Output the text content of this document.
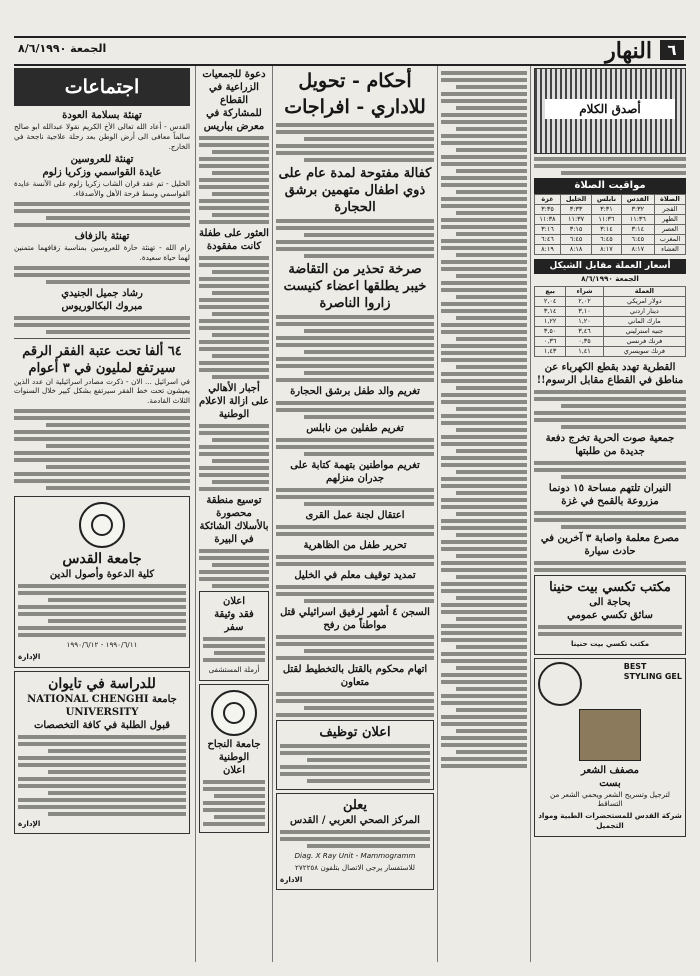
٦
النهار
الجمعة ٨/٦/١٩٩٠
اجتماعات
تهنئة بسلامة العودة

القدس - أعاد الله تعالى الأخ الكريم نقولا عبدالله ابو صالح سالماً معافى الى أرض الوطن بعد رحلة علاجية ناجحة في الخارج.

تهنئة للعروسين
عايدة القواسمي وزكريا زلوم

الخليل - تم عقد قران الشاب زكريا زلوم على الآنسة عايدة القواسمي وسط فرحة الأهل والأصدقاء.

تهنئة بالزفاف

رام الله - تهنئة حارة للعروسين بمناسبة زفافهما متمنين لهما حياة سعيدة.

رشاد جميل الجنيدي
مبروك البكالوريوس
٦٤ ألفا تحت عتبة الفقر الرقم سيرتفع لمليون في ٣ أعوام

في اسرائيل ... الان - ذكرت مصادر اسرائيلية ان عدد الذين يعيشون تحت خط الفقر سيرتفع بشكل كبير خلال السنوات الثلاث القادمة.

جامعة القدس
كلية الدعوة وأصول الدين

١٩٩٠/٦/١١ - ١٩٩٠/٦/١٢

الإدارة

للدراسة في تايوان
جامعة NATIONAL CHENGHI UNIVERSITY
قبول الطلبة في كافة التخصصات

الإدارة

دعوة للجمعيات الزراعية في القطاع للمشاركة في معرض بباريس
العثور على طفلة كانت مفقودة
أجبار الأهالي على ازالة الاعلام الوطنية
توسيع منطقة محصورة بالأسلاك الشائكة في البيرة
اعلان
فقد وثيقة سفر

أرملة المستشفى

جامعة النجاح الوطنية
اعلان
أحكام - تحويل للاداري - افراجات
كفالة مفتوحة لمدة عام على ذوي اطفال متهمين برشق الحجارة
صرخة تحذير من التقاضة خيبر يطلقها اعضاء كنيست زاروا الناصرة
تغريم والد طفل برشق الحجارة
تغريم طفلين من نابلس
تغريم مواطنين بتهمة كتابة على جدران منزلهم
اعتقال لجنة عمل القرى
تحرير طفل من الظاهرية
تمديد توقيف معلم في الخليل
السجن ٤ أشهر لرفيق اسرائيلي قتل مواطناً من رفح
اتهام محكوم بالقتل بالتخطيط لقتل متعاون
اعلان توظيف
يعلن
المركز الصحي العربي / القدس

Diag. X Ray Unit - Mammogramm

للاستفسار يرجى الاتصال بتلفون ٢٧٢٢٥٨

الادارة

أصدق الكلام
مواقيت الصلاة
الصلاة	القدس	نابلس	الخليل	غزة
الفجر	٣:٣٢	٣:٣١	٣:٣٣	٣:٣٥
الظهر	١١:٣٦	١١:٣٦	١١:٣٧	١١:٣٨
العصر	٣:١٤	٣:١٤	٣:١٥	٣:١٦
المغرب	٦:٤٥	٦:٤٥	٦:٤٥	٦:٤٦
العشاء	٨:١٧	٨:١٧	٨:١٨	٨:١٩
أسعار العملة مقابل الشيكل

الجمعة ٨/٦/١٩٩٠

العملة	شراء	بيع
دولار امريكي	٢,٠٢	٢,٠٤
دينار اردني	٣,١٠	٣,١٤
مارك الماني	١,٢٠	١,٢٢
جنيه استرليني	٣,٤٦	٣,٥٠
فرنك فرنسي	٠,٣٥	٠,٣٦
فرنك سويسري	١,٤١	١,٤٣
القطرية تهدد بقطع الكهرباء عن مناطق في القطاع مقابل الرسوم!!
جمعية صوت الحرية تخرج دفعة جديدة من طلبتها
النيران تلتهم مساحة ١٥ دونما مزروعة بالقمح في غزة
مصرع معلمة واصابة ٣ آخرين في حادث سيارة
مكتب تكسي بيت حنينا
بحاجة الى
سائق تكسي عمومي

مكتب تكسي بيت حنينا

BEST
STYLING GEL
مصفف الشعر
بست

لترجيل وتسريح الشعر ويحمي الشعر من التساقط

شركة القدس للمستحضرات الطبية ومواد التجميل
